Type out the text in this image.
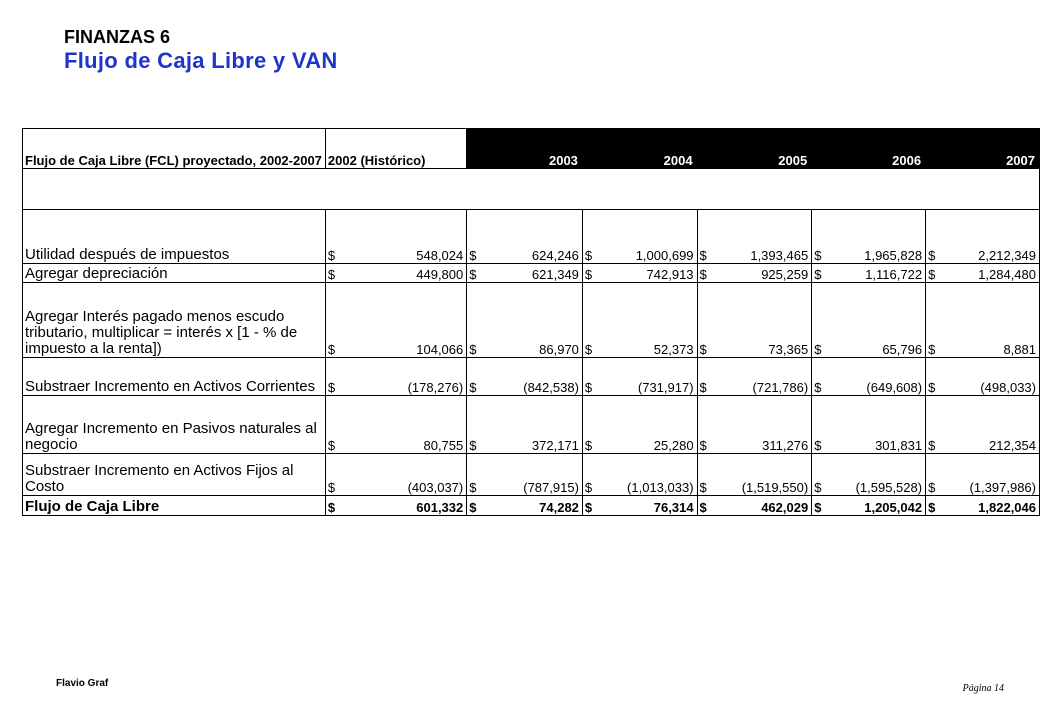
FINANZAS 6
Flujo de Caja Libre y VAN
Flujo de Caja Libre (FCL) proyectado, 2002-2007	2002 (Histórico)	2003	2004	2005	2006	2007

Utilidad después de impuestos	$ 548,024	$ 624,246	$ 1,000,699	$ 1,393,465	$ 1,965,828	$ 2,212,349

Agregar depreciación	$ 449,800	$ 621,349	$ 742,913	$ 925,259	$ 1,116,722	$ 1,284,480

Agregar Interés pagado menos escudo tributario, multiplicar = interés x [1 - % de impuesto a la renta])	$ 104,066	$ 86,970	$ 52,373	$ 73,365	$ 65,796	$ 8,881

Substraer Incremento en Activos Corrientes	$ (178,276)	$ (842,538)	$ (731,917)	$ (721,786)	$ (649,608)	$ (498,033)

Agregar Incremento en Pasivos naturales al negocio	$ 80,755	$ 372,171	$ 25,280	$ 311,276	$ 301,831	$ 212,354

Substraer Incremento en Activos Fijos al Costo	$ (403,037)	$ (787,915)	$ (1,013,033)	$ (1,519,550)	$ (1,595,528)	$ (1,397,986)

Flujo de Caja Libre	$ 601,332	$ 74,282	$ 76,314	$ 462,029	$ 1,205,042	$ 1,822,046
Flavio Graf	Página 14
